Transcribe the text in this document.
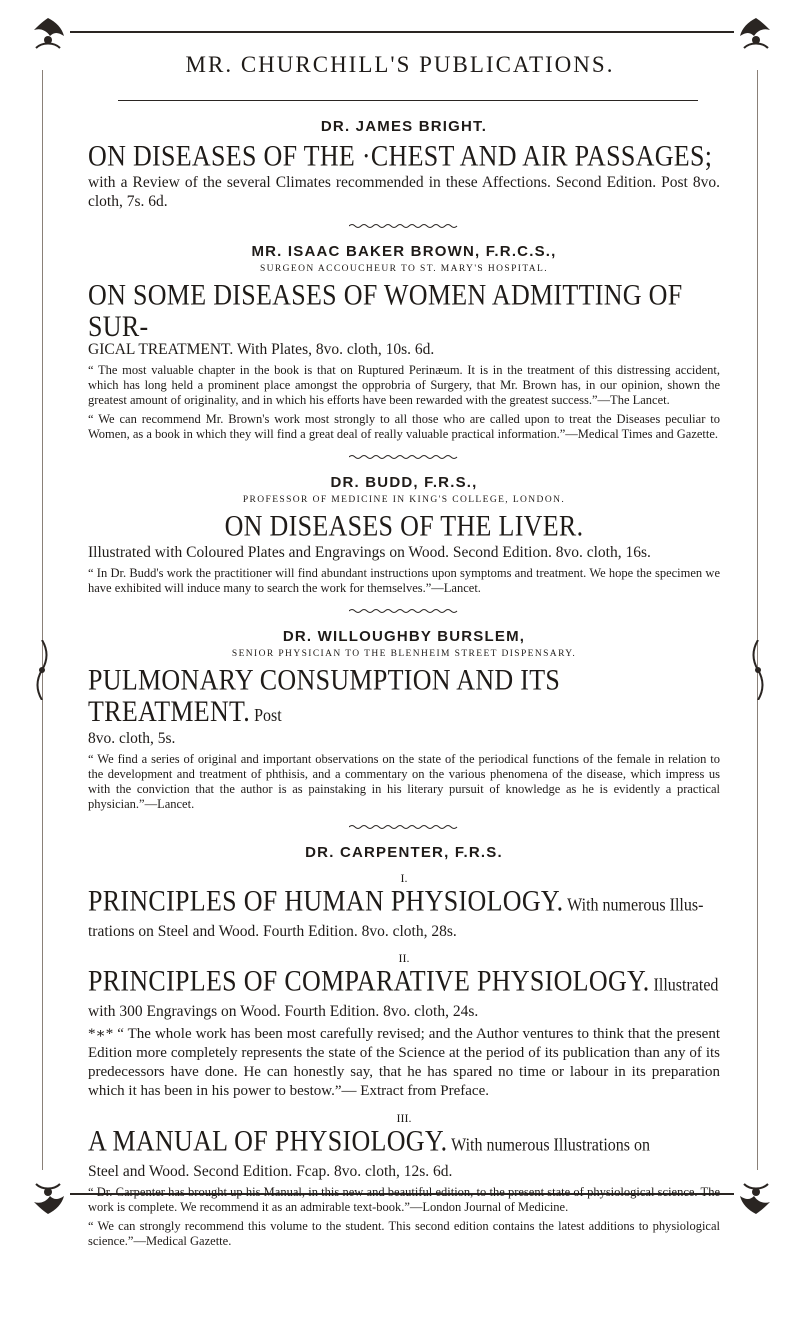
MR. CHURCHILL'S PUBLICATIONS.

DR. JAMES BRIGHT.

ON DISEASES OF THE ·CHEST AND AIR PASSAGES;

with a Review of the several Climates recommended in these Affections. Second Edition. Post 8vo. cloth, 7s. 6d.

MR. ISAAC BAKER BROWN, F.R.C.S.,

SURGEON ACCOUCHEUR TO ST. MARY'S HOSPITAL.

ON SOME DISEASES OF WOMEN ADMITTING OF SUR-

GICAL TREATMENT. With Plates, 8vo. cloth, 10s. 6d.

“ The most valuable chapter in the book is that on Ruptured Perinæum. It is in the treatment of this distressing accident, which has long held a prominent place amongst the opprobria of Surgery, that Mr. Brown has, in our opinion, shown the greatest amount of originality, and in which his efforts have been rewarded with the greatest success.”—The Lancet.

“ We can recommend Mr. Brown's work most strongly to all those who are called upon to treat the Diseases peculiar to Women, as a book in which they will find a great deal of really valuable practical information.”—Medical Times and Gazette.

DR. BUDD, F.R.S.,

PROFESSOR OF MEDICINE IN KING'S COLLEGE, LONDON.

ON DISEASES OF THE LIVER.

Illustrated with Coloured Plates and Engravings on Wood. Second Edition. 8vo. cloth, 16s.

“ In Dr. Budd's work the practitioner will find abundant instructions upon symptoms and treatment. We hope the specimen we have exhibited will induce many to search the work for themselves.”—Lancet.

DR. WILLOUGHBY BURSLEM,

SENIOR PHYSICIAN TO THE BLENHEIM STREET DISPENSARY.

PULMONARY CONSUMPTION AND ITS TREATMENT. Post

8vo. cloth, 5s.

“ We find a series of original and important observations on the state of the periodical functions of the female in relation to the development and treatment of phthisis, and a commentary on the various phenomena of the disease, which impress us with the conviction that the author is as painstaking in his literary pursuit of knowledge as he is evidently a practical physician.”—Lancet.

DR. CARPENTER, F.R.S.

I.

PRINCIPLES OF HUMAN PHYSIOLOGY. With numerous Illus-

trations on Steel and Wood. Fourth Edition. 8vo. cloth, 28s.

II.

PRINCIPLES OF COMPARATIVE PHYSIOLOGY. Illustrated

with 300 Engravings on Wood. Fourth Edition. 8vo. cloth, 24s.

*∗* “ The whole work has been most carefully revised; and the Author ventures to think that the present Edition more completely represents the state of the Science at the period of its publication than any of its predecessors have done. He can honestly say, that he has spared no time or labour in its preparation which it has been in his power to bestow.”— Extract from Preface.

III.

A MANUAL OF PHYSIOLOGY. With numerous Illustrations on

Steel and Wood. Second Edition. Fcap. 8vo. cloth, 12s. 6d.

“ Dr. Carpenter has brought up his Manual, in this new and beautiful edition, to the present state of physiological science. The work is complete. We recommend it as an admirable text-book.”—London Journal of Medicine.

“ We can strongly recommend this volume to the student. This second edition contains the latest additions to physiological science.”—Medical Gazette.
